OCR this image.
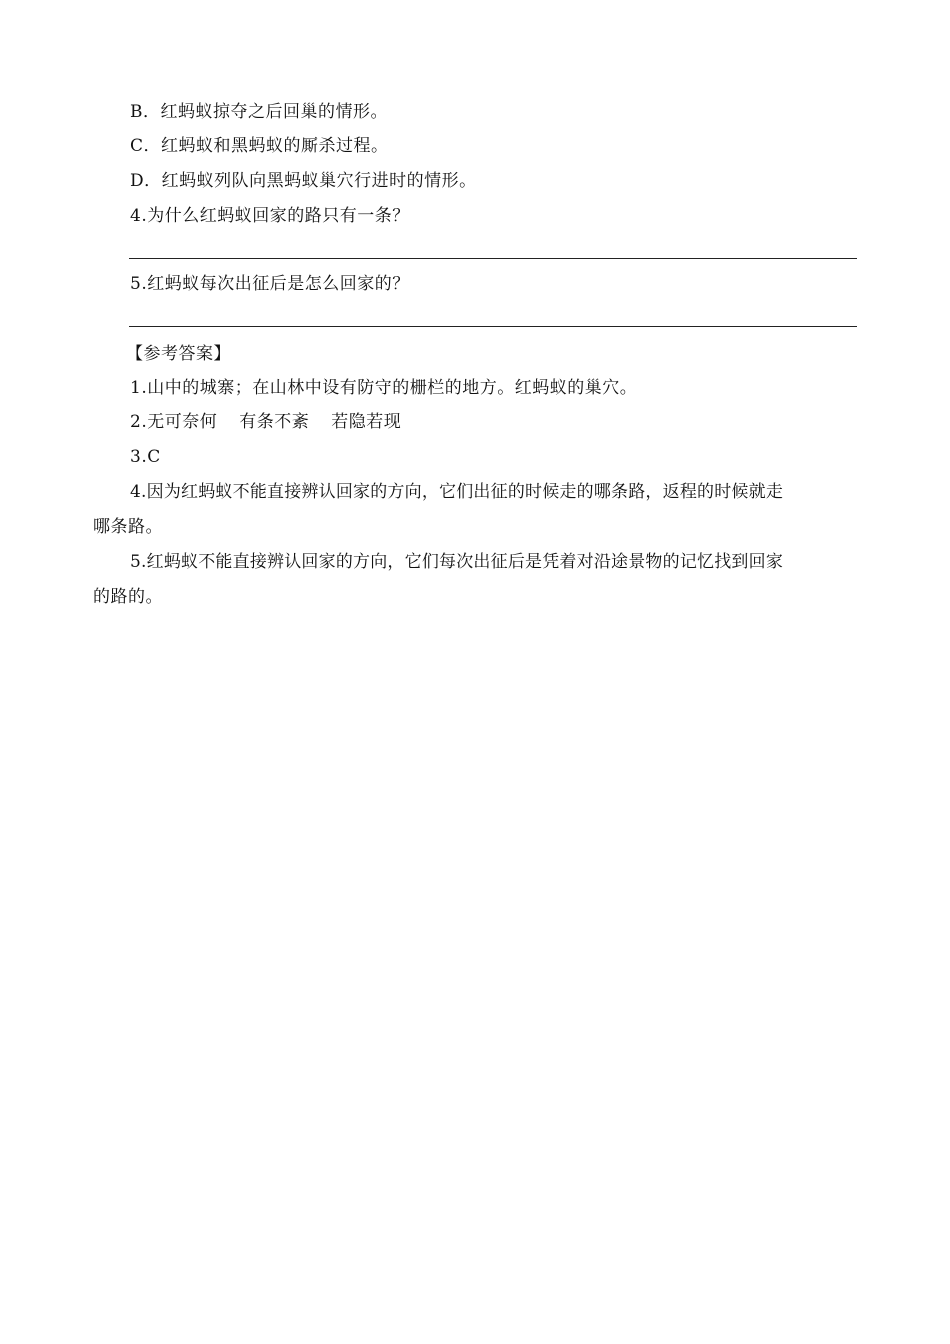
B．红蚂蚁掠夺之后回巢的情形。
C．红蚂蚁和黑蚂蚁的厮杀过程。
D．红蚂蚁列队向黑蚂蚁巢穴行进时的情形。
4.为什么红蚂蚁回家的路只有一条？
5.红蚂蚁每次出征后是怎么回家的？
【参考答案】
1.山中的城寨；在山林中设有防守的栅栏的地方。红蚂蚁的巢穴。
2.无可奈何 有条不紊 若隐若现
3.C
4.因为红蚂蚁不能直接辨认回家的方向，它们出征的时候走的哪条路，返程的时候就走
哪条路。
5.红蚂蚁不能直接辨认回家的方向，它们每次出征后是凭着对沿途景物的记忆找到回家
的路的。
